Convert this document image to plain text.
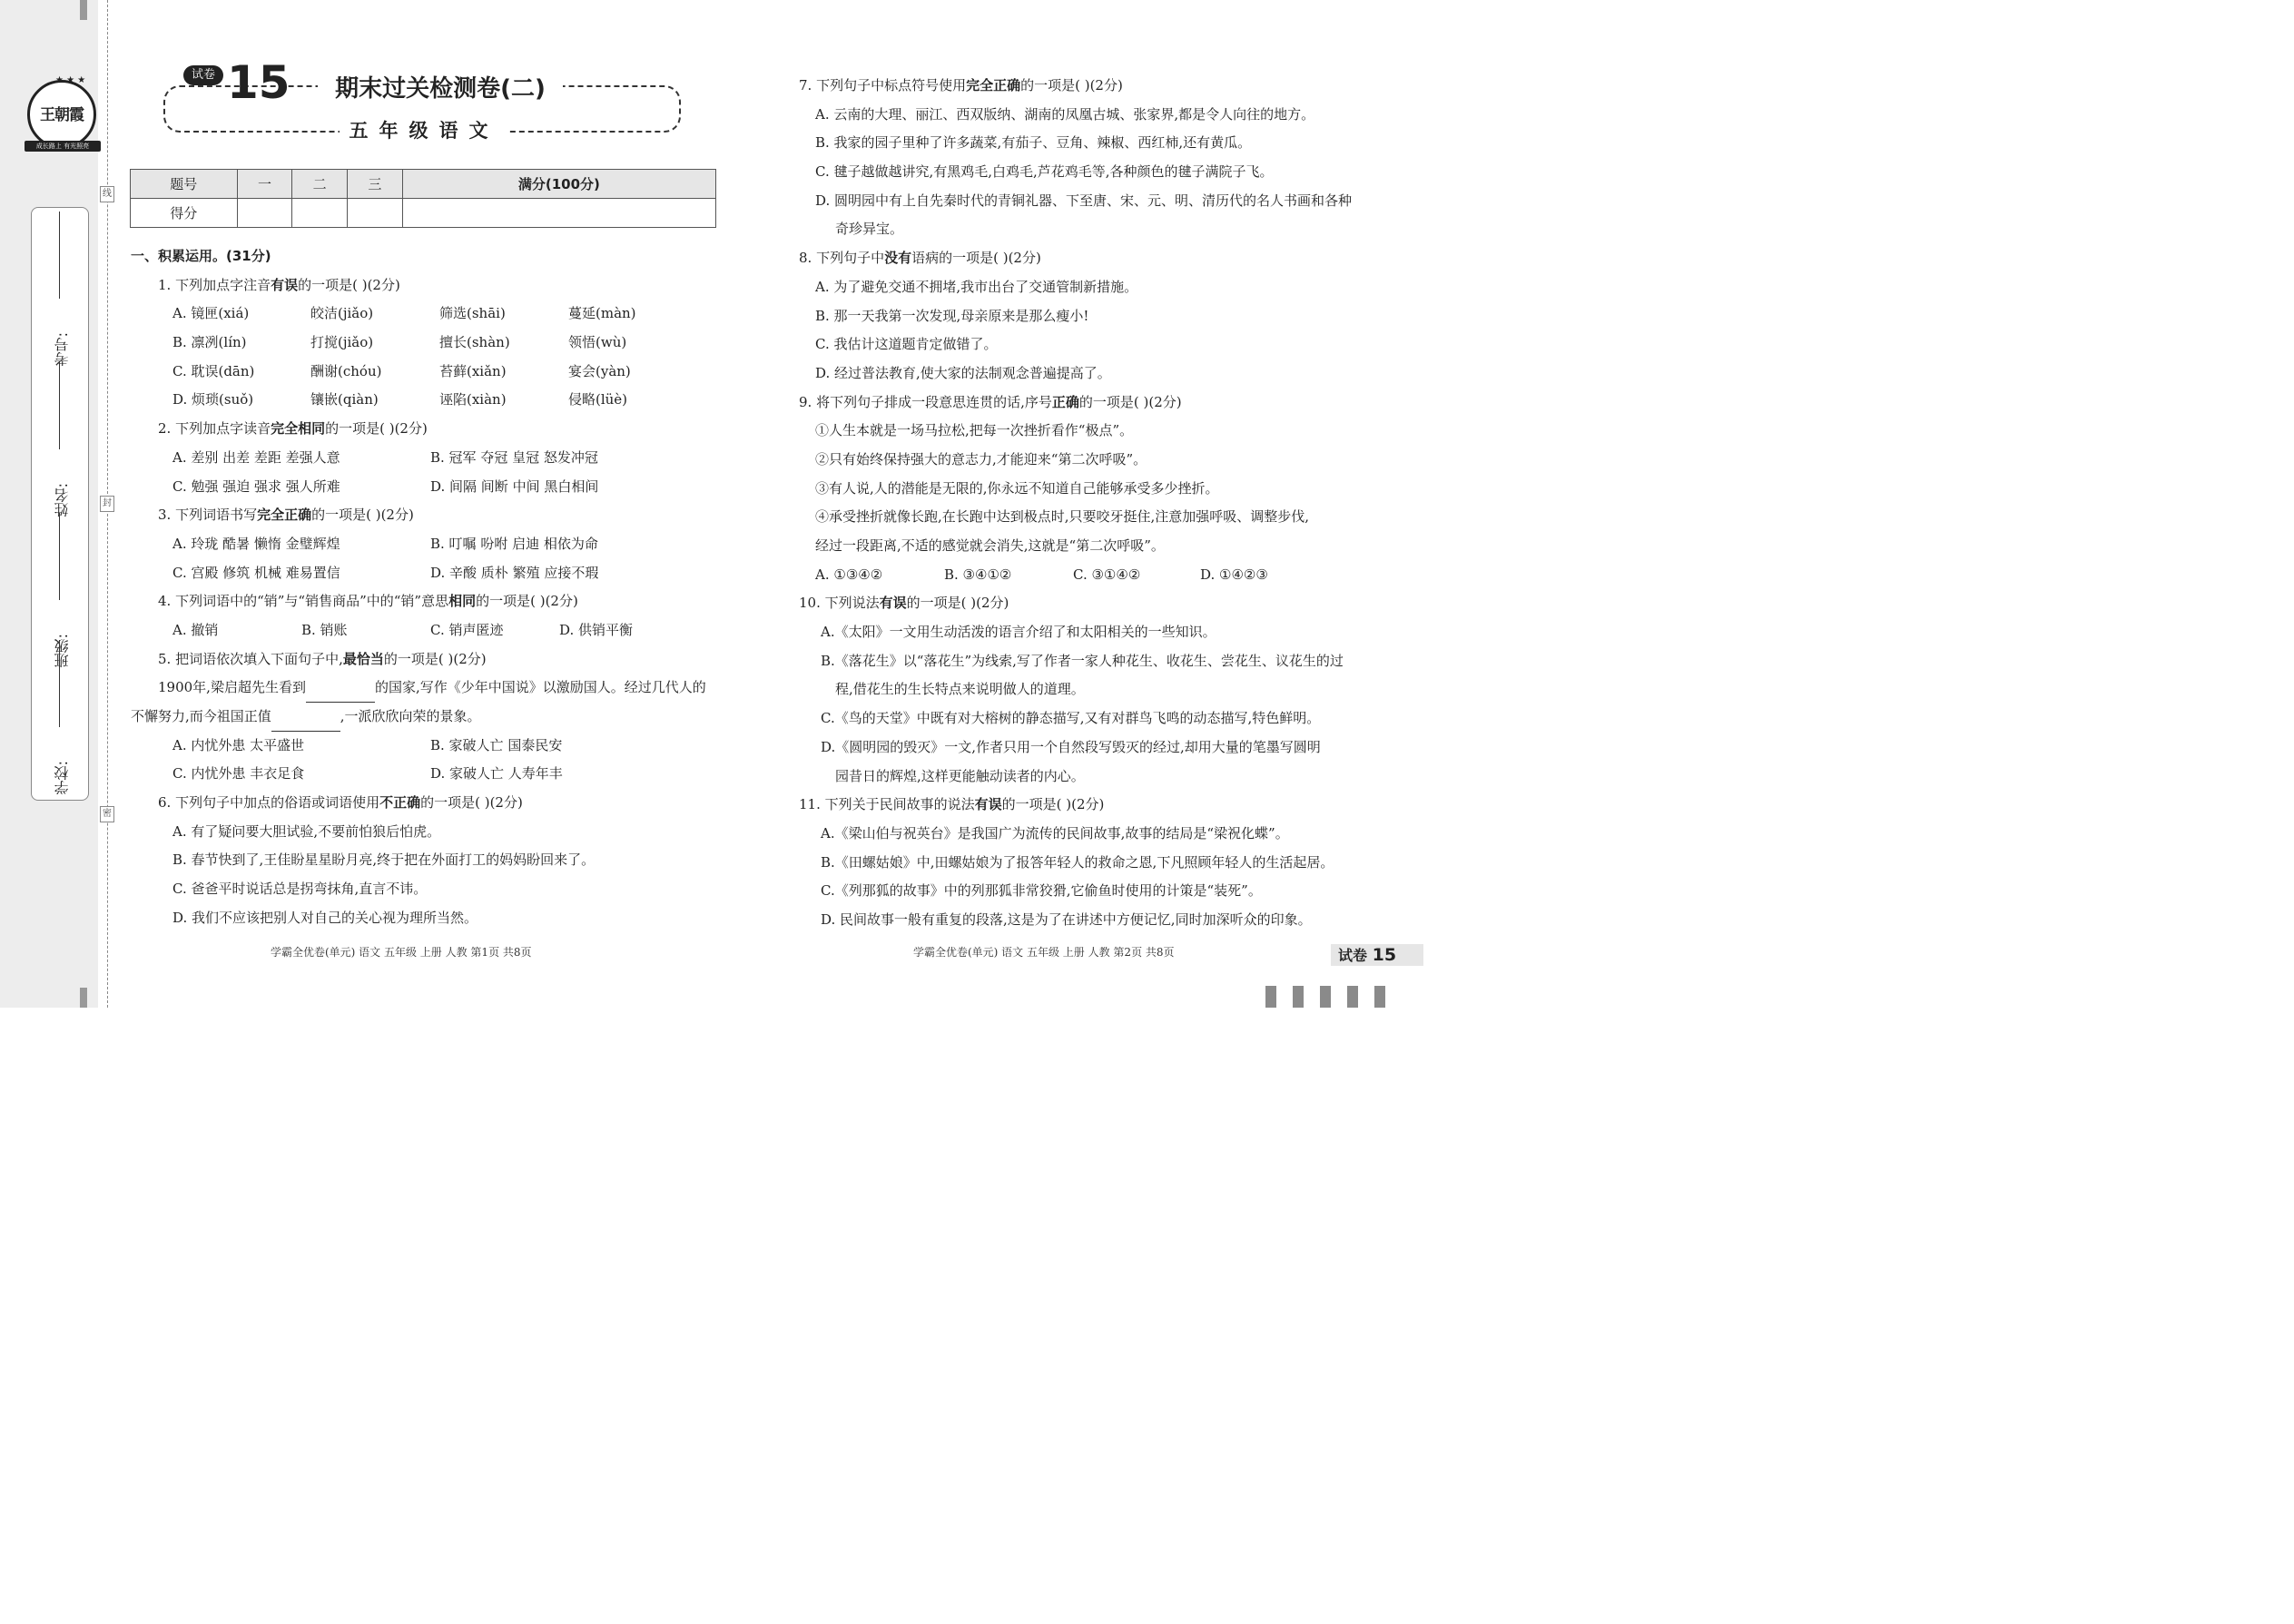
线
封
密
★ ★ ★
王朝霞
成长路上 有光照亮
考号:
姓名:
班级:
学校:
试卷 15	期末过关检测卷(二)
五年级语文
题号	一	二	三	满分(100分)
得分				
一、积累运用。(31分)
1. 下列加点字注音有误的一项是( )(2分)
A. 镜匣(xiá)	皎洁(jiǎo)	筛选(shāi)	蔓延(màn)
B. 凛冽(lín)	打搅(jiǎo)	擅长(shàn)	领悟(wù)
C. 耽误(dān)	酬谢(chóu)	苔藓(xiǎn)	宴会(yàn)
D. 烦琐(suǒ)	镶嵌(qiàn)	诬陷(xiàn)	侵略(lüè)
2. 下列加点字读音完全相同的一项是( )(2分)
A. 差别 出差 差距 差强人意	B. 冠军 夺冠 皇冠 怒发冲冠
C. 勉强 强迫 强求 强人所难	D. 间隔 间断 中间 黑白相间
3. 下列词语书写完全正确的一项是( )(2分)
A. 玲珑 酷暑 懒惰 金璧辉煌	B. 叮嘱 吩咐 启迪 相依为命
C. 宫殿 修筑 机械 难易置信	D. 辛酸 质朴 繁殖 应接不瑕
4. 下列词语中的“销”与“销售商品”中的“销”意思相同的一项是( )(2分)
A. 撤销	B. 销账	C. 销声匿迹	D. 供销平衡
5. 把词语依次填入下面句子中,最恰当的一项是( )(2分)
1900年,梁启超先生看到	的国家,写作《少年中国说》以激励国人。经过几代人的
不懈努力,而今祖国正值	,一派欣欣向荣的景象。
A. 内忧外患 太平盛世	B. 家破人亡 国泰民安
C. 内忧外患 丰衣足食	D. 家破人亡 人寿年丰
6. 下列句子中加点的俗语或词语使用不正确的一项是( )(2分)
A. 有了疑问要大胆试验,不要前怕狼后怕虎。
B. 春节快到了,王佳盼星星盼月亮,终于把在外面打工的妈妈盼回来了。
C. 爸爸平时说话总是拐弯抹角,直言不讳。
D. 我们不应该把别人对自己的关心视为理所当然。
7. 下列句子中标点符号使用完全正确的一项是( )(2分)
A. 云南的大理、丽江、西双版纳、湖南的凤凰古城、张家界,都是令人向往的地方。
B. 我家的园子里种了许多蔬菜,有茄子、豆角、辣椒、西红柿,还有黄瓜。
C. 毽子越做越讲究,有黑鸡毛,白鸡毛,芦花鸡毛等,各种颜色的毽子满院子飞。
D. 圆明园中有上自先秦时代的青铜礼器、下至唐、宋、元、明、清历代的名人书画和各种
奇珍异宝。
8. 下列句子中没有语病的一项是( )(2分)
A. 为了避免交通不拥堵,我市出台了交通管制新措施。
B. 那一天我第一次发现,母亲原来是那么瘦小!
C. 我估计这道题肯定做错了。
D. 经过普法教育,使大家的法制观念普遍提高了。
9. 将下列句子排成一段意思连贯的话,序号正确的一项是( )(2分)
①人生本就是一场马拉松,把每一次挫折看作“极点”。
②只有始终保持强大的意志力,才能迎来“第二次呼吸”。
③有人说,人的潜能是无限的,你永远不知道自己能够承受多少挫折。
④承受挫折就像长跑,在长跑中达到极点时,只要咬牙挺住,注意加强呼吸、调整步伐,
经过一段距离,不适的感觉就会消失,这就是“第二次呼吸”。
A. ①③④②	B. ③④①②	C. ③①④②	D. ①④②③
10. 下列说法有误的一项是( )(2分)
A.《太阳》一文用生动活泼的语言介绍了和太阳相关的一些知识。
B.《落花生》以“落花生”为线索,写了作者一家人种花生、收花生、尝花生、议花生的过
程,借花生的生长特点来说明做人的道理。
C.《鸟的天堂》中既有对大榕树的静态描写,又有对群鸟飞鸣的动态描写,特色鲜明。
D.《圆明园的毁灭》一文,作者只用一个自然段写毁灭的经过,却用大量的笔墨写圆明
园昔日的辉煌,这样更能触动读者的内心。
11. 下列关于民间故事的说法有误的一项是( )(2分)
A.《梁山伯与祝英台》是我国广为流传的民间故事,故事的结局是“梁祝化蝶”。
B.《田螺姑娘》中,田螺姑娘为了报答年轻人的救命之恩,下凡照顾年轻人的生活起居。
C.《列那狐的故事》中的列那狐非常狡猾,它偷鱼时使用的计策是“装死”。
D. 民间故事一般有重复的段落,这是为了在讲述中方便记忆,同时加深听众的印象。
学霸全优卷(单元) 语文 五年级 上册 人教 第1页 共8页	学霸全优卷(单元) 语文 五年级 上册 人教 第2页 共8页	试卷 15
